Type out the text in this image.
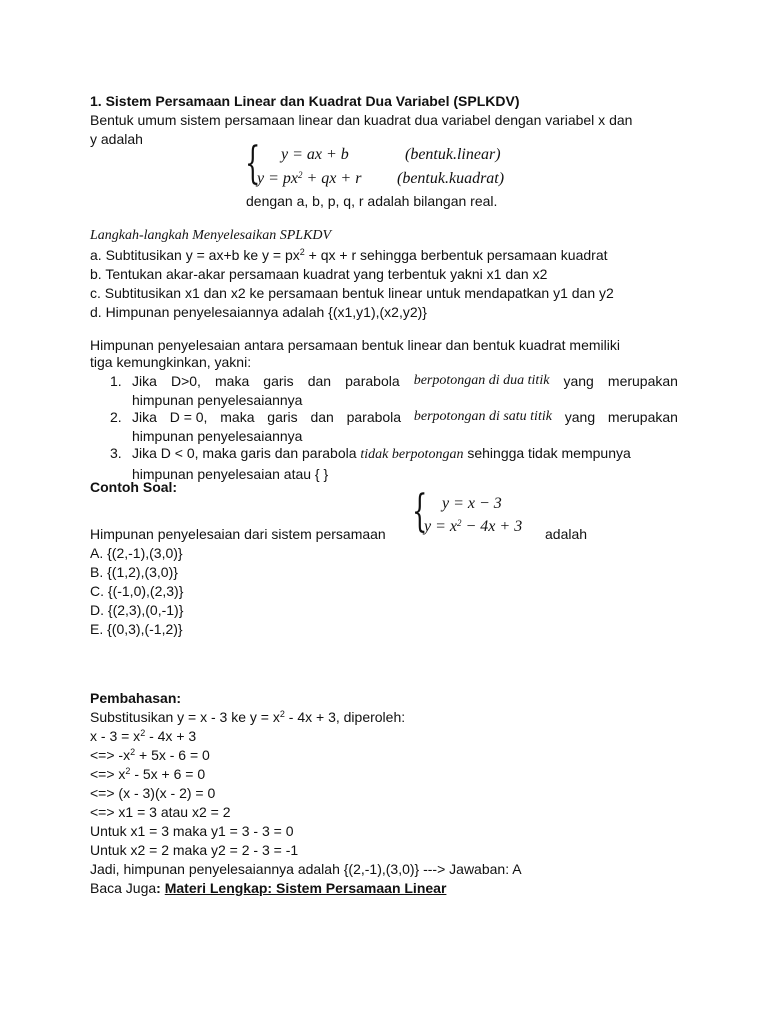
1. Sistem Persamaan Linear dan Kuadrat Dua Variabel (SPLKDV)
Bentuk umum sistem persamaan linear dan kuadrat dua variabel dengan variabel x dan
y adalah { y = ax + b	(bentuk.linear)
$y = px^2$ + qx + r (bentuk.kuadrat)
dengan a, b, p, q, r adalah bilangan real.
Langkah-langkah Menyelesaikan SPLKDV
a. Subtitusikan y = ax+b ke $y = px^2$ + qx + r sehingga berbentuk persamaan kuadrat
b. Tentukan akar-akar persamaan kuadrat yang terbentuk yakni x1 dan x2
c. Subtitusikan x1 dan x2 ke persamaan bentuk linear untuk mendapatkan y1 dan y2
d. Himpunan penyelesaiannya adalah {(x1,y1),(x2,y2)}
Himpunan penyelesaian antara persamaan bentuk linear dan bentuk kuadrat memiliki
tiga kemungkinkan, yakni:
1. Jika D>0, maka garis dan parabola berpotongan di dua titik yang merupakan
himpunan penyelesaiannya
2. Jika D = 0, maka garis dan parabola berpotongan di satu titik yang merupakan
himpunan penyelesaiannya
3. Jika D < 0, maka garis dan parabola tidak berpotongan sehingga tidak mempunya
himpunan penyelesaian atau { }
Contoh Soal:	{ y = x − 3
$y = x^2 - 4x + 3$
Himpunan penyelesaian dari sistem persamaan	adalah
A. {(2,-1),(3,0)}
B. {(1,2),(3,0)}
C. {(-1,0),(2,3)}
D. {(2,3),(0,-1)}
E. {(0,3),(-1,2)}
Pembahasan:
Substitusikan y = x - 3 ke $y = x^2 - 4x + 3$, diperoleh:
$x - 3 = x^2 - 4x + 3$
<=> $-x^2 + 5x - 6 = 0$
<=> $x^2 - 5x + 6 = 0$
<=> (x - 3)(x - 2) = 0
<=> x1 = 3 atau x2 = 2
Untuk x1 = 3 maka y1 = 3 - 3 = 0
Untuk x2 = 2 maka y2 = 2 - 3 = -1
Jadi, himpunan penyelesaiannya adalah {(2,-1),(3,0)} ---> Jawaban: A
Baca Juga: Materi Lengkap: Sistem Persamaan Linear
